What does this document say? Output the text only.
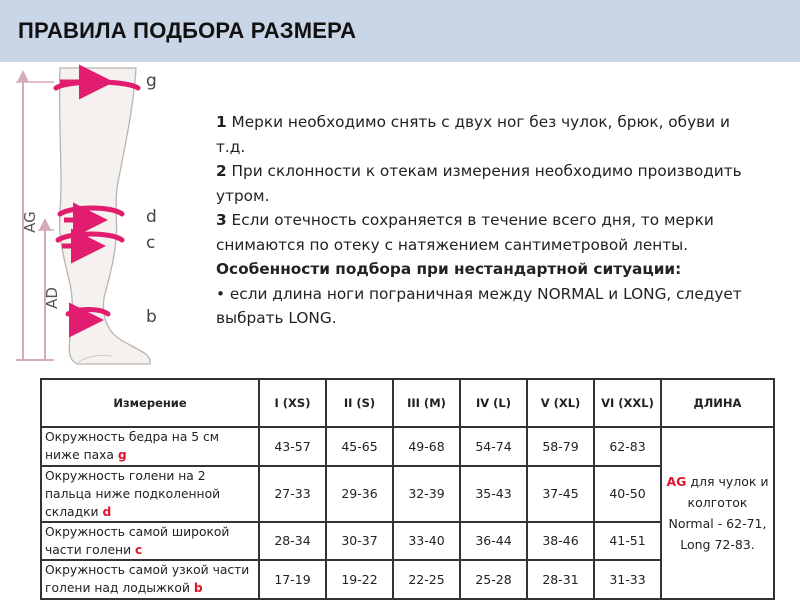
ПРАВИЛА ПОДБОРА РАЗМЕРА
AG
AD
g
d
c
b

1 Мерки необходимо снять с двух ног без чулок, брюк, обуви и т.д.

2 При склонности к отекам измерения необходимо производить утром.

3 Если отечность сохраняется в течение всего дня, то мерки снимаются по отеку с натяжением сантиметровой ленты.

Особенности подбора при нестандартной ситуации:

• если длина ноги пограничная между NORMAL и LONG, следует выбрать LONG.

Измерение	I (XS)	II (S)	III (M)	IV (L)	V (XL)	VI (XXL)	ДЛИНА
Окружность бедра на 5 см ниже паха g	43-57	45-65	49-68	54-74	58-79	62-83	AG для чулок и колготок
Normal - 62-71,
Long 72-83.
Окружность голени на 2 пальца ниже подколенной складки d	27-33	29-36	32-39	35-43	37-45	40-50	
Окружность самой широкой части голени c	28-34	30-37	33-40	36-44	38-46	41-51	
Окружность самой узкой части голени над лодыжкой b	17-19	19-22	22-25	25-28	28-31	31-33	
